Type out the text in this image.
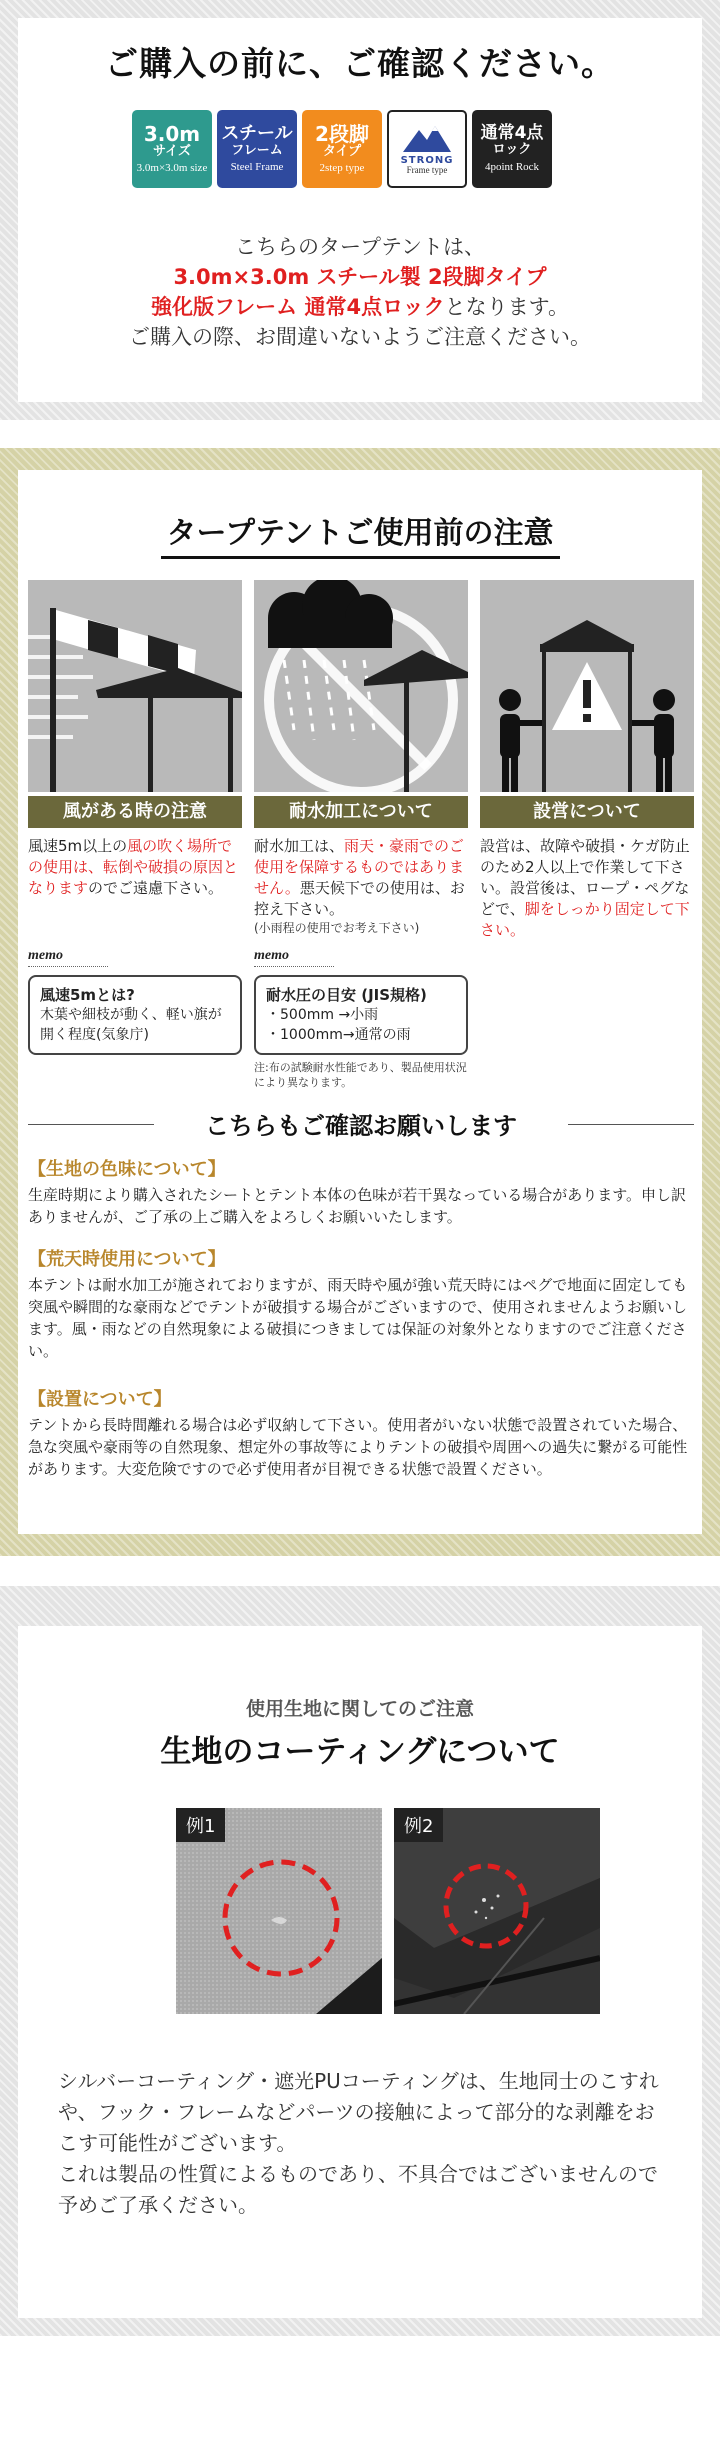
ご購入の前に、ご確認ください。
3.0m
サイズ
3.0m×3.0m size
スチール
フレーム
Steel Frame
2段脚
タイプ
2step type
STRONG
Frame type
通常4点
ロック
4point Rock
こちらのタープテントは、
3.0m×3.0m スチール製 2段脚タイプ
強化版フレーム 通常4点ロックとなります。
ご購入の際、お間違いないようご注意ください。
タープテントご使用前の注意
風がある時の注意
風速5m以上の風の吹く場所での使用は、転倒や破損の原因となりますのでご遠慮下さい。
耐水加工について
耐水加工は、雨天・豪雨でのご使用を保障するものではありません。悪天候下での使用は、お控え下さい。
(小雨程の使用でお考え下さい)
設営について
設営は、故障や破損・ケガ防止のため2人以上で作業して下さい。設営後は、ロープ・ペグなどで、脚をしっかり固定して下さい。
memo
風速5mとは?
木葉や細枝が動く、軽い旗が開く程度(気象庁)
memo
耐水圧の目安 (JIS規格)
・500mm →小雨
・1000mm→通常の雨
注:布の試験耐水性能であり、製品使用状況により異なります。
こちらもご確認お願いします
【生地の色味について】
生産時期により購入されたシートとテント本体の色味が若干異なっている場合があります。申し訳ありませんが、ご了承の上ご購入をよろしくお願いいたします。
【荒天時使用について】
本テントは耐水加工が施されておりますが、雨天時や風が強い荒天時にはペグで地面に固定しても突風や瞬間的な豪雨などでテントが破損する場合がございますので、使用されませんようお願いします。風・雨などの自然現象による破損につきましては保証の対象外となりますのでご注意ください。
【設置について】
テントから長時間離れる場合は必ず収納して下さい。使用者がいない状態で設置されていた場合、急な突風や豪雨等の自然現象、想定外の事故等によりテントの破損や周囲への過失に繋がる可能性があります。大変危険ですので必ず使用者が目視できる状態で設置ください。
使用生地に関してのご注意
生地のコーティングについて
例1	例2
シルバーコーティング・遮光PUコーティングは、生地同士のこすれや、フック・フレームなどパーツの接触によって部分的な剥離をおこす可能性がございます。
これは製品の性質によるものであり、不具合ではございませんので予めご了承ください。
